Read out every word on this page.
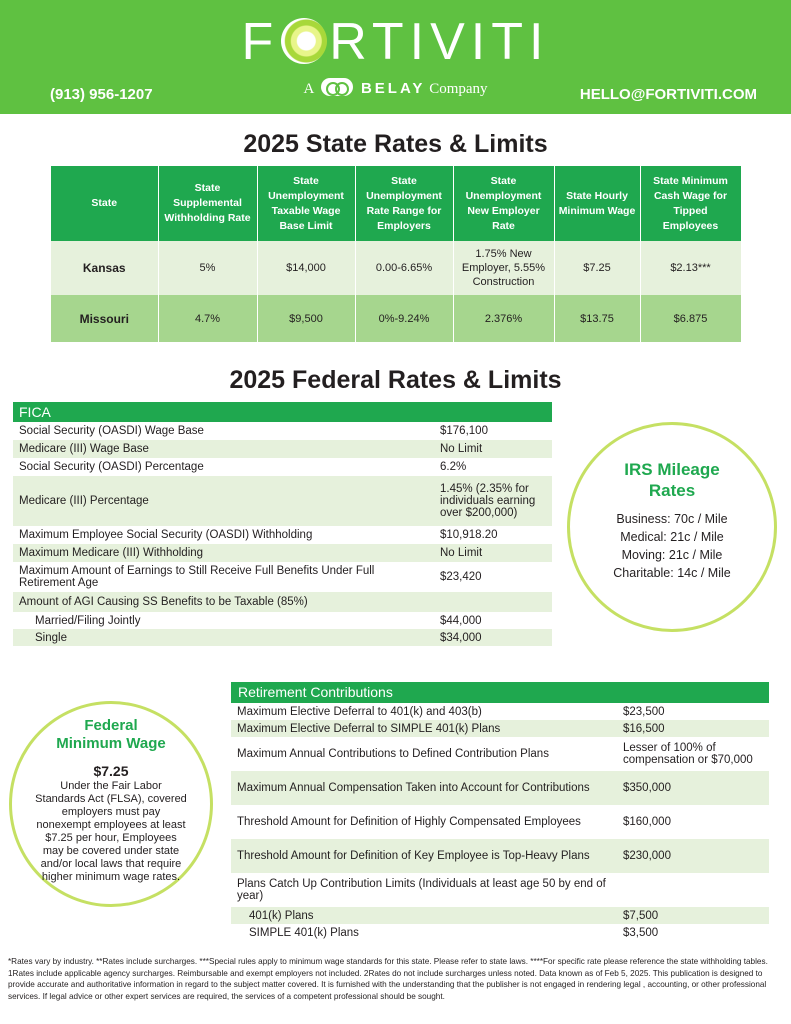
F RTIVITI
A	BELAY Company
(913) 956-1207	HELLO@FORTIVITI.COM
2025 State Rates & Limits
State	State Supplemental Withholding Rate	State Unemployment Taxable Wage Base Limit	State Unemployment Rate Range for Employers	State Unemployment New Employer Rate	State Hourly Minimum Wage	State Minimum Cash Wage for Tipped Employees
Kansas	5%	$14,000	0.00-6.65%	1.75% New Employer, 5.55% Construction	$7.25	$2.13***
Missouri	4.7%	$9,500	0%-9.24%	2.376%	$13.75	$6.875
2025 Federal Rates & Limits
FICA
Social Security (OASDI) Wage Base	$176,100
Medicare (III) Wage Base	No Limit
Social Security (OASDI) Percentage	6.2%
Medicare (III) Percentage	1.45% (2.35% for individuals earning over $200,000)
Maximum Employee Social Security (OASDI) Withholding	$10,918.20
Maximum Medicare (III) Withholding	No Limit
Maximum Amount of Earnings to Still Receive Full Benefits Under Full Retirement Age	$23,420
Amount of AGI Causing SS Benefits to be Taxable (85%)	
Married/Filing Jointly	$44,000
Single	$34,000
IRS Mileage
Rates
Business: 70c / Mile
Medical: 21c / Mile
Moving: 21c / Mile
Charitable: 14c / Mile
Federal
Minimum Wage
$7.25
Under the Fair Labor Standards Act (FLSA), covered employers must pay nonexempt employees at least $7.25 per hour, Employees may be covered under state and/or local laws that require higher minimum wage rates.
Retirement Contributions
Maximum Elective Deferral to 401(k) and 403(b)	$23,500
Maximum Elective Deferral to SIMPLE 401(k) Plans	$16,500
Maximum Annual Contributions to Defined Contribution Plans	Lesser of 100% of compensation or $70,000
Maximum Annual Compensation Taken into Account for Contributions	$350,000
Threshold Amount for Definition of Highly Compensated Employees	$160,000
Threshold Amount for Definition of Key Employee is Top-Heavy Plans	$230,000
Plans Catch Up Contribution Limits (Individuals at least age 50 by end of year)	
401(k) Plans	$7,500
SIMPLE 401(k) Plans	$3,500
*Rates vary by industry. **Rates include surcharges. ***Special rules apply to minimum wage standards for this state. Please refer to state laws. ****For specific rate please reference the state withholding tables. 1Rates include applicable agency surcharges. Reimbursable and exempt employers not included. 2Rates do not include surcharges unless noted. Data known as of Feb 5, 2025. This publication is designed to provide accurate and authoritative information in regard to the subject matter covered. It is furnished with the understanding that the publisher is not engaged in rendering legal , accounting, or other professional services. If legal advice or other expert services are required, the services of a competent professional should be sought.
